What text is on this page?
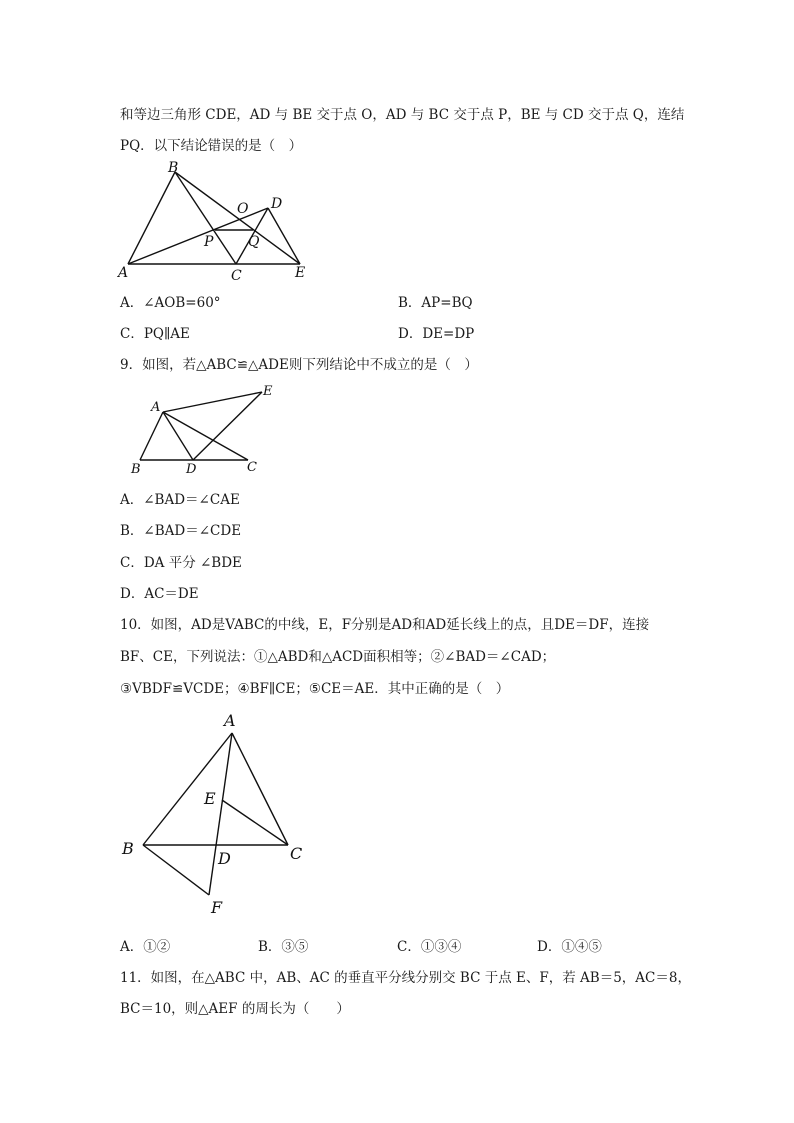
和等边三角形 CDE，AD 与 BE 交于点 O，AD 与 BC 交于点 P，BE 与 CD 交于点 Q，连结
PQ．以下结论错误的是（　）
A
B
C
D
E
O
P Q
A．∠AOB=60°	B．AP=BQ
C．PQ∥AE	D．DE=DP
9．如图，若△ABC≌△ADE则下列结论中不成立的是（　）
A
B	C
D
E
A．∠BAD＝∠CAE
B．∠BAD＝∠CDE
C．DA 平分 ∠BDE
D．AC＝DE
10．如图，AD是VABC的中线，E，F分别是AD和AD延长线上的点，且DE＝DF，连接
BF、CE，下列说法：①△ABD和△ACD面积相等；②∠BAD＝∠CAD；
③VBDF≌VCDE；④BF∥CE；⑤CE＝AE．其中正确的是（　）
A
B	C
D
E
F
A．①②	B．③⑤	C．①③④	D．①④⑤
11．如图，在△ABC 中，AB、AC 的垂直平分线分别交 BC 于点 E、F，若 AB＝5，AC＝8，
BC＝10，则△AEF 的周长为（　　）
